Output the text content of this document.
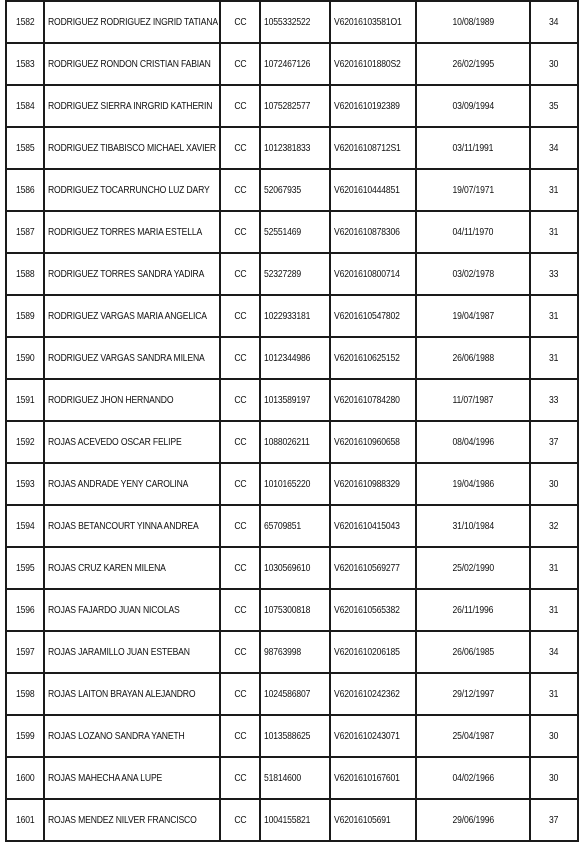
1582	RODRIGUEZ RODRIGUEZ INGRID TATIANA	CC	1055332522	V62016103581O1	10/08/1989	34
1583	RODRIGUEZ RONDON CRISTIAN FABIAN	CC	1072467126	V62016101880S2	26/02/1995	30
1584	RODRIGUEZ SIERRA INRGRID KATHERIN	CC	1075282577	V6201610192389	03/09/1994	35
1585	RODRIGUEZ TIBABISCO MICHAEL XAVIER	CC	1012381833	V62016108712S1	03/11/1991	34
1586	RODRIGUEZ TOCARRUNCHO LUZ DARY	CC	52067935	V6201610444851	19/07/1971	31
1587	RODRIGUEZ TORRES MARIA ESTELLA	CC	52551469	V6201610878306	04/11/1970	31
1588	RODRIGUEZ TORRES SANDRA YADIRA	CC	52327289	V6201610800714	03/02/1978	33
1589	RODRIGUEZ VARGAS MARIA ANGELICA	CC	1022933181	V6201610547802	19/04/1987	31
1590	RODRIGUEZ VARGAS SANDRA MILENA	CC	1012344986	V6201610625152	26/06/1988	31
1591	RODRIGUEZ JHON HERNANDO	CC	1013589197	V6201610784280	11/07/1987	33
1592	ROJAS ACEVEDO OSCAR FELIPE	CC	1088026211	V6201610960658	08/04/1996	37
1593	ROJAS ANDRADE YENY CAROLINA	CC	1010165220	V6201610988329	19/04/1986	30
1594	ROJAS BETANCOURT YINNA ANDREA	CC	65709851	V6201610415043	31/10/1984	32
1595	ROJAS CRUZ KAREN MILENA	CC	1030569610	V6201610569277	25/02/1990	31
1596	ROJAS FAJARDO JUAN NICOLAS	CC	1075300818	V6201610565382	26/11/1996	31
1597	ROJAS JARAMILLO JUAN ESTEBAN	CC	98763998	V6201610206185	26/06/1985	34
1598	ROJAS LAITON BRAYAN ALEJANDRO	CC	1024586807	V6201610242362	29/12/1997	31
1599	ROJAS LOZANO SANDRA YANETH	CC	1013588625	V6201610243071	25/04/1987	30
1600	ROJAS MAHECHA ANA LUPE	CC	51814600	V6201610167601	04/02/1966	30
1601	ROJAS MENDEZ NILVER FRANCISCO	CC	1004155821	V62016105691	29/06/1996	37
